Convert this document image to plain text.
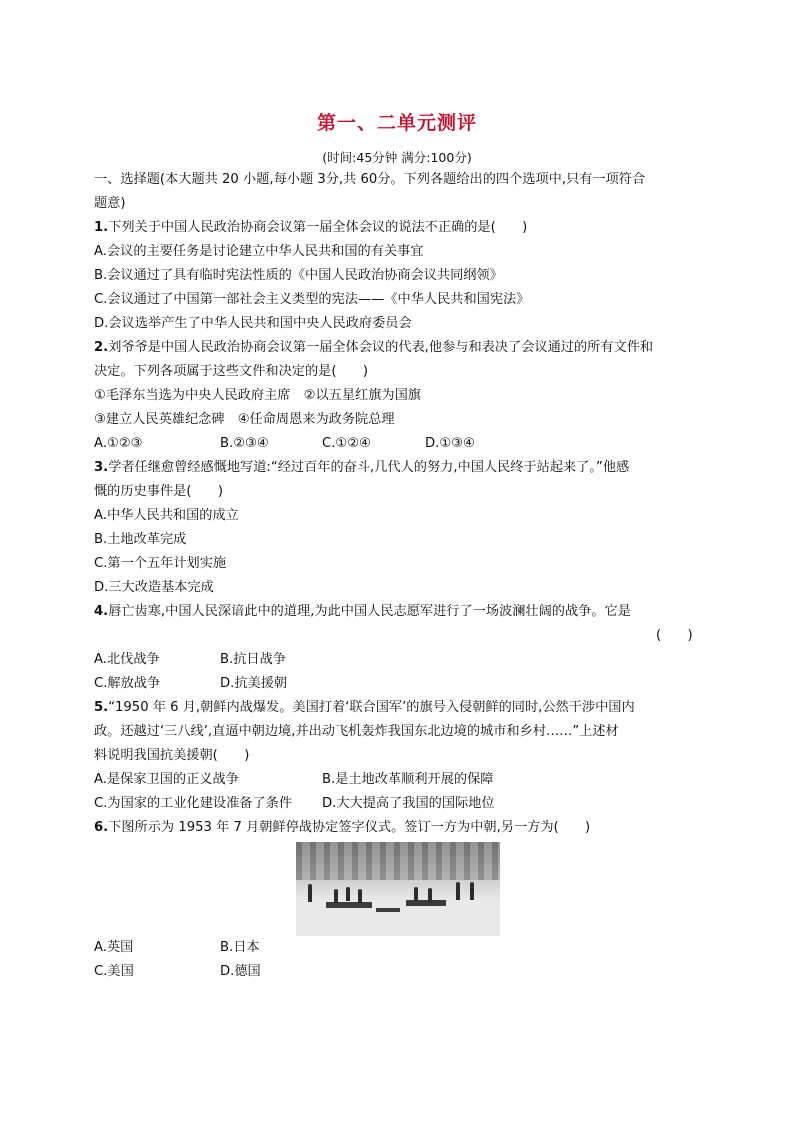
第一、二单元测评
(时间:45分钟 满分:100分)
一、选择题(本大题共 20 小题,每小题 3分,共 60分。下列各题给出的四个选项中,只有一项符合
题意)
1.下列关于中国人民政治协商会议第一届全体会议的说法不正确的是(　　)
A.会议的主要任务是讨论建立中华人民共和国的有关事宜
B.会议通过了具有临时宪法性质的《中国人民政治协商会议共同纲领》
C.会议通过了中国第一部社会主义类型的宪法——《中华人民共和国宪法》
D.会议选举产生了中华人民共和国中央人民政府委员会
2.刘爷爷是中国人民政治协商会议第一届全体会议的代表,他参与和表决了会议通过的所有文件和
决定。下列各项属于这些文件和决定的是(　　)
①毛泽东当选为中央人民政府主席　②以五星红旗为国旗
③建立人民英雄纪念碑　④任命周恩来为政务院总理
A.①②③	B.②③④	C.①②④	D.①③④
3.学者任继愈曾经感慨地写道:“经过百年的奋斗,几代人的努力,中国人民终于站起来了。”他感
慨的历史事件是(　　)
A.中华人民共和国的成立
B.土地改革完成
C.第一个五年计划实施
D.三大改造基本完成
4.唇亡齿寒,中国人民深谙此中的道理,为此中国人民志愿军进行了一场波澜壮阔的战争。它是
(　　)
A.北伐战争	B.抗日战争
C.解放战争	D.抗美援朝
5.“1950 年 6 月,朝鲜内战爆发。美国打着‘联合国军’的旗号入侵朝鲜的同时,公然干涉中国内
政。还越过‘三八线’,直逼中朝边境,并出动飞机轰炸我国东北边境的城市和乡村……”上述材
料说明我国抗美援朝(　　)
A.是保家卫国的正义战争	B.是土地改革顺利开展的保障
C.为国家的工业化建设准备了条件 D.大大提高了我国的国际地位
6.下图所示为 1953 年 7 月朝鲜停战协定签字仪式。签订一方为中朝,另一方为(　　)
A.英国	B.日本
C.美国	D.德国
